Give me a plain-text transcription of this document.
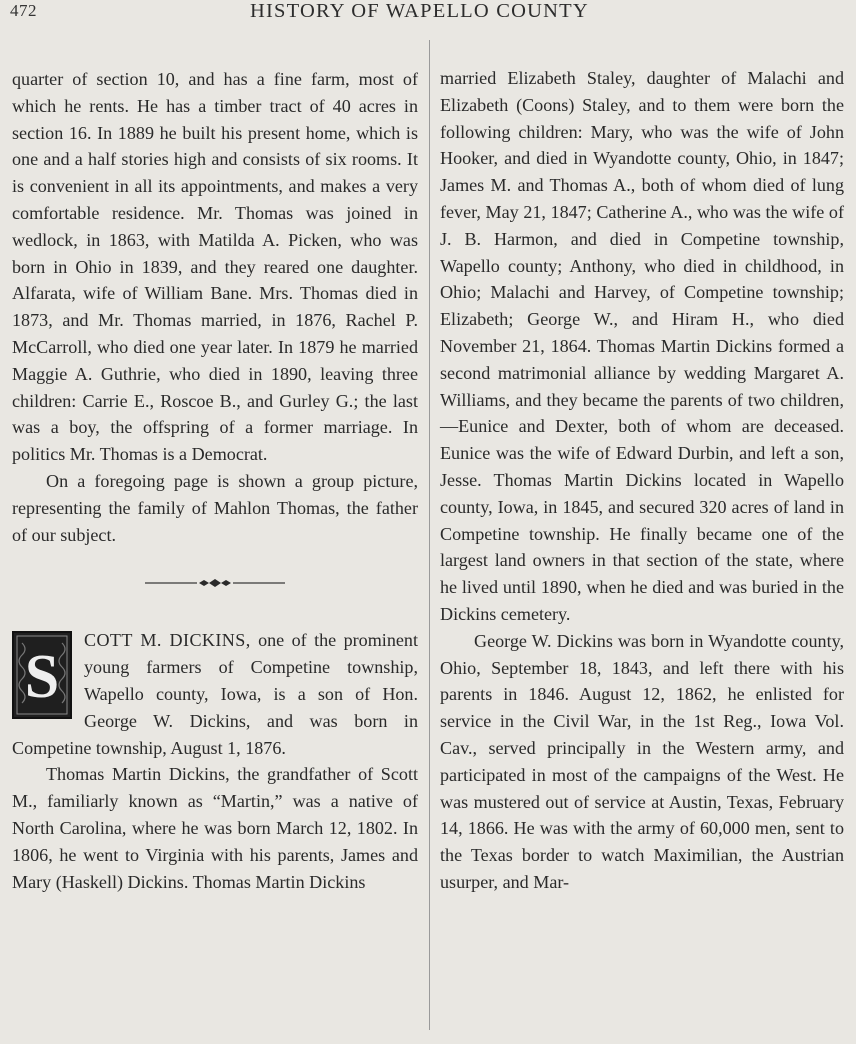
472	HISTORY OF WAPELLO COUNTY

quarter of section 10, and has a fine farm, most of which he rents. He has a timber tract of 40 acres in section 16. In 1889 he built his present home, which is one and a half stories high and consists of six rooms. It is convenient in all its appointments, and makes a very comfortable residence. Mr. Thomas was joined in wedlock, in 1863, with Matilda A. Picken, who was born in Ohio in 1839, and they reared one daughter. Alfarata, wife of William Bane. Mrs. Thomas died in 1873, and Mr. Thomas married, in 1876, Rachel P. McCarroll, who died one year later. In 1879 he married Maggie A. Guthrie, who died in 1890, leaving three children: Carrie E., Roscoe B., and Gurley G.; the last was a boy, the offspring of a former marriage. In politics Mr. Thomas is a Democrat.

On a foregoing page is shown a group picture, representing the family of Mahlon Thomas, the father of our subject.

S
COTT M. DICKINS, one of the prominent young farmers of Competine township, Wapello county, Iowa, is a son of Hon. George W. Dickins, and was born in Competine township, August 1, 1876.

Thomas Martin Dickins, the grandfather of Scott M., familiarly known as “Martin,” was a native of North Carolina, where he was born March 12, 1802. In 1806, he went to Virginia with his parents, James and Mary (Haskell) Dickins. Thomas Martin Dickins

married Elizabeth Staley, daughter of Malachi and Elizabeth (Coons) Staley, and to them were born the following children: Mary, who was the wife of John Hooker, and died in Wyandotte county, Ohio, in 1847; James M. and Thomas A., both of whom died of lung fever, May 21, 1847; Catherine A., who was the wife of J. B. Harmon, and died in Competine township, Wapello county; Anthony, who died in childhood, in Ohio; Malachi and Harvey, of Competine township; Elizabeth; George W., and Hiram H., who died November 21, 1864. Thomas Martin Dickins formed a second matrimonial alliance by wedding Margaret A. Williams, and they became the parents of two children,—Eunice and Dexter, both of whom are deceased. Eunice was the wife of Edward Durbin, and left a son, Jesse. Thomas Martin Dickins located in Wapello county, Iowa, in 1845, and secured 320 acres of land in Competine township. He finally became one of the largest land owners in that section of the state, where he lived until 1890, when he died and was buried in the Dickins cemetery.

George W. Dickins was born in Wyandotte county, Ohio, September 18, 1843, and left there with his parents in 1846. August 12, 1862, he enlisted for service in the Civil War, in the 1st Reg., Iowa Vol. Cav., served principally in the Western army, and participated in most of the campaigns of the West. He was mustered out of service at Austin, Texas, February 14, 1866. He was with the army of 60,000 men, sent to the Texas border to watch Maximilian, the Austrian usurper, and Mar-
